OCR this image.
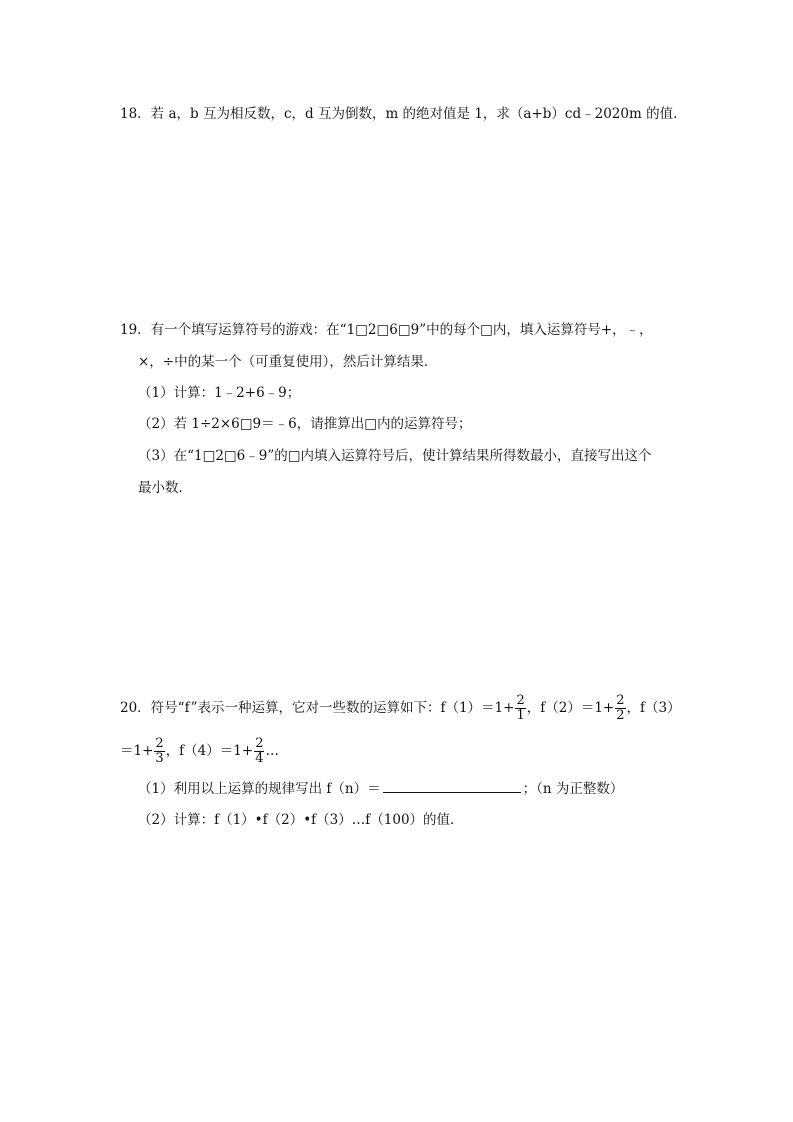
18．若 a，b 互为相反数，c，d 互为倒数，m 的绝对值是 1，求（a+b）cd﹣2020m 的值．
19．有一个填写运算符号的游戏：在“1□2□6□9”中的每个□内，填入运算符号+，﹣，
×，÷中的某一个（可重复使用），然后计算结果．
（1）计算：1﹣2+6﹣9；
（2）若 1÷2×6□9＝﹣6，请推算出□内的运算符号；
（3）在“1□2□6﹣9”的□内填入运算符号后，使计算结果所得数最小，直接写出这个
最小数．
20．符号“f”表示一种运算，它对一些数的运算如下：$f(1)=1+ \frac{2}{1}$ ，$f(2)=1+ \frac{2}{2}$ ，f（3）
$=1+ \frac{2}{3}$ ，$f(4)=1+ \frac{2}{4}$ …
（1）利用以上运算的规律写出 f（n）＝	；（n 为正整数）
（2）计算：f（1）•f（2）•f（3）…f（100）的值．
